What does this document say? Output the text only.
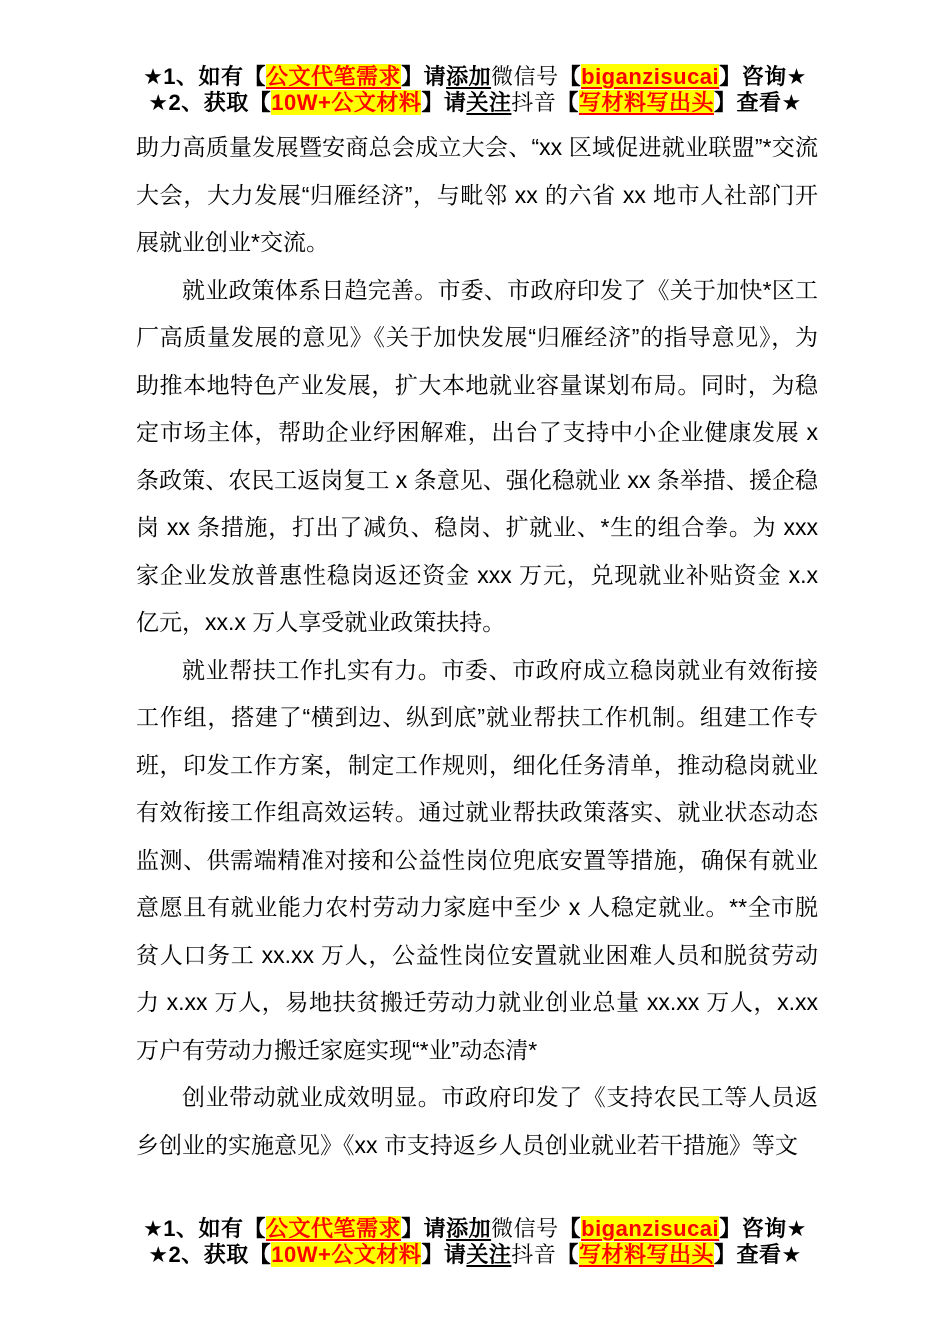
★1、如有【公文代笔需求】请添加微信号【biganzisucai】咨询★
★2、获取【10W+公文材料】请关注抖音【写材料写出头】查看★

助力高质量发展暨安商总会成立大会、“xx 区域促进就业联盟”*交流大会，大力发展“归雁经济”，与毗邻 xx 的六省 xx 地市人社部门开展就业创业*交流。

就业政策体系日趋完善。市委、市政府印发了《关于加快*区工厂高质量发展的意见》《关于加快发展“归雁经济”的指导意见》，为助推本地特色产业发展，扩大本地就业容量谋划布局。同时，为稳定市场主体，帮助企业纾困解难，出台了支持中小企业健康发展 x 条政策、农民工返岗复工 x 条意见、强化稳就业 xx 条举措、援企稳岗 xx 条措施，打出了减负、稳岗、扩就业、*生的组合拳。为 xxx 家企业发放普惠性稳岗返还资金 xxx 万元，兑现就业补贴资金 x.x 亿元，xx.x 万人享受就业政策扶持。

就业帮扶工作扎实有力。市委、市政府成立稳岗就业有效衔接工作组，搭建了“横到边、纵到底”就业帮扶工作机制。组建工作专班，印发工作方案，制定工作规则，细化任务清单，推动稳岗就业有效衔接工作组高效运转。通过就业帮扶政策落实、就业状态动态监测、供需端精准对接和公益性岗位兜底安置等措施，确保有就业意愿且有就业能力农村劳动力家庭中至少 x 人稳定就业。**全市脱贫人口务工 xx.xx 万人，公益性岗位安置就业困难人员和脱贫劳动力 x.xx 万人，易地扶贫搬迁劳动力就业创业总量 xx.xx 万人，x.xx 万户有劳动力搬迁家庭实现“*业”动态清*

创业带动就业成效明显。市政府印发了《支持农民工等人员返乡创业的实施意见》《xx 市支持返乡人员创业就业若干措施》等文

★1、如有【公文代笔需求】请添加微信号【biganzisucai】咨询★
★2、获取【10W+公文材料】请关注抖音【写材料写出头】查看★
